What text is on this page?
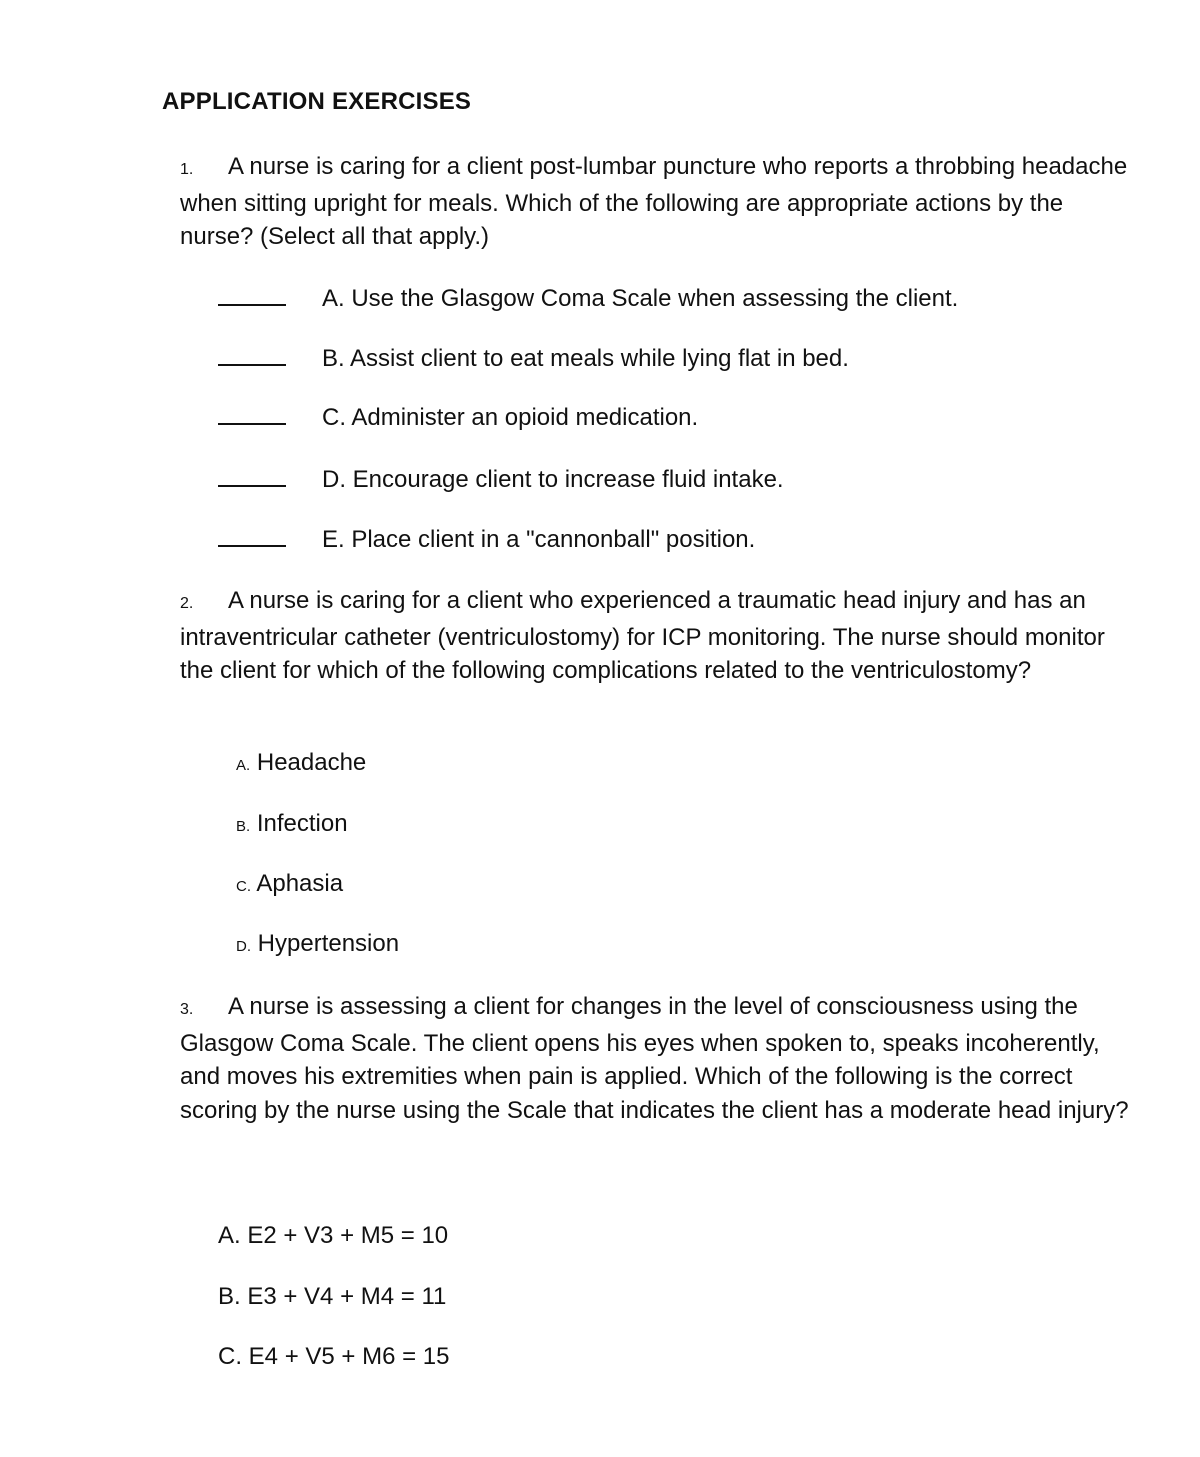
APPLICATION EXERCISES

1. A nurse is caring for a client post-lumbar puncture who reports a throbbing headache when sitting upright for meals. Which of the following are appropriate actions by the nurse? (Select all that apply.)

A. Use the Glasgow Coma Scale when assessing the client.
B. Assist client to eat meals while lying flat in bed.
C. Administer an opioid medication.
D. Encourage client to increase fluid intake.
E. Place client in a "cannonball" position.

2. A nurse is caring for a client who experienced a traumatic head injury and has an intraventricular catheter (ventriculostomy) for ICP monitoring. The nurse should monitor the client for which of the following complications related to the ventriculostomy?

A. Headache
B. Infection
C. Aphasia
D. Hypertension

3. A nurse is assessing a client for changes in the level of consciousness using the Glasgow Coma Scale. The client opens his eyes when spoken to, speaks incoherently, and moves his extremities when pain is applied. Which of the following is the correct scoring by the nurse using the Scale that indicates the client has a moderate head injury?

A. E2 + V3 + M5 = 10
B. E3 + V4 + M4 = 11
C. E4 + V5 + M6 = 15
